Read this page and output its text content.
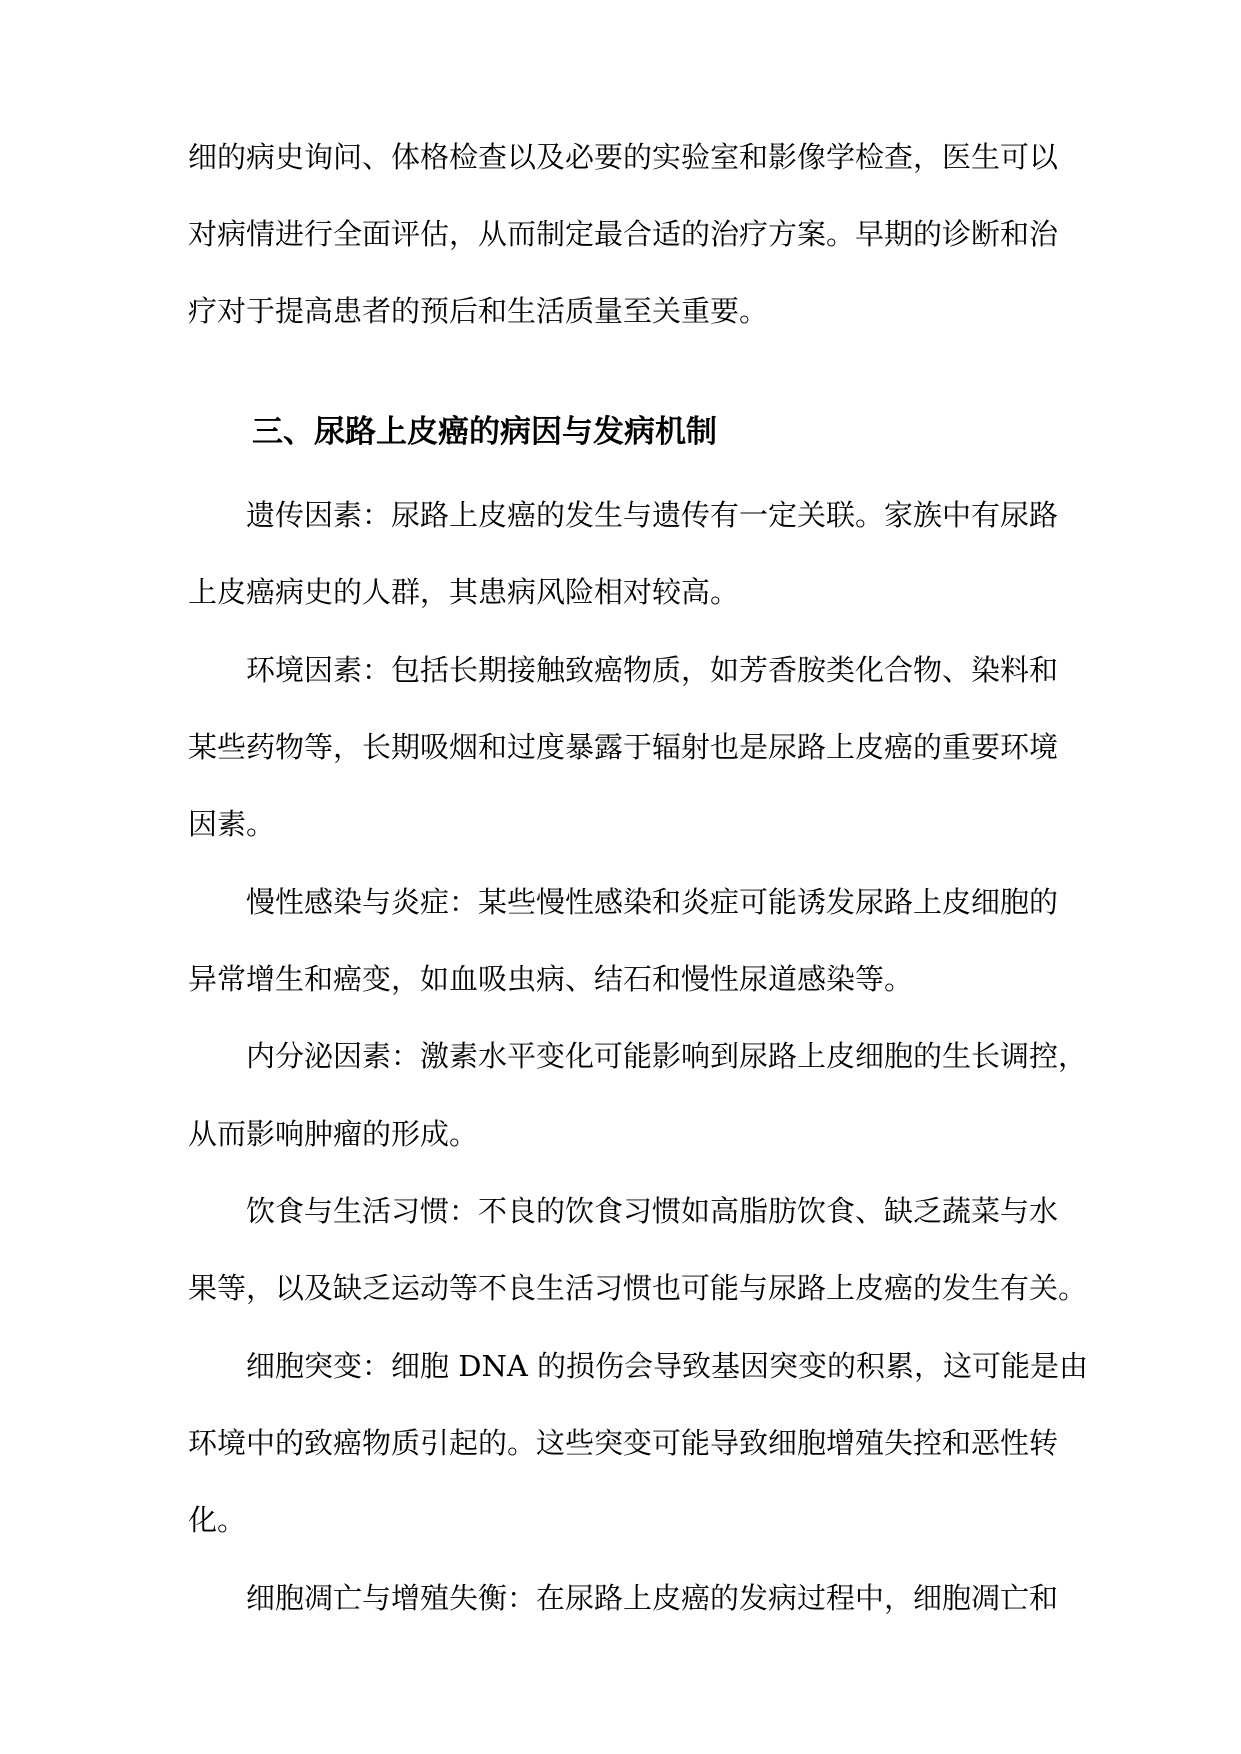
细的病史询问、体格检查以及必要的实验室和影像学检查，医生可以

对病情进行全面评估，从而制定最合适的治疗方案。早期的诊断和治

疗对于提高患者的预后和生活质量至关重要。

三、尿路上皮癌的病因与发病机制

遗传因素：尿路上皮癌的发生与遗传有一定关联。家族中有尿路

上皮癌病史的人群，其患病风险相对较高。

环境因素：包括长期接触致癌物质，如芳香胺类化合物、染料和

某些药物等，长期吸烟和过度暴露于辐射也是尿路上皮癌的重要环境

因素。

慢性感染与炎症：某些慢性感染和炎症可能诱发尿路上皮细胞的

异常增生和癌变，如血吸虫病、结石和慢性尿道感染等。

内分泌因素：激素水平变化可能影响到尿路上皮细胞的生长调控，

从而影响肿瘤的形成。

饮食与生活习惯：不良的饮食习惯如高脂肪饮食、缺乏蔬菜与水

果等，以及缺乏运动等不良生活习惯也可能与尿路上皮癌的发生有关。

细胞突变：细胞 DNA 的损伤会导致基因突变的积累，这可能是由

环境中的致癌物质引起的。这些突变可能导致细胞增殖失控和恶性转

化。

细胞凋亡与增殖失衡：在尿路上皮癌的发病过程中，细胞凋亡和
